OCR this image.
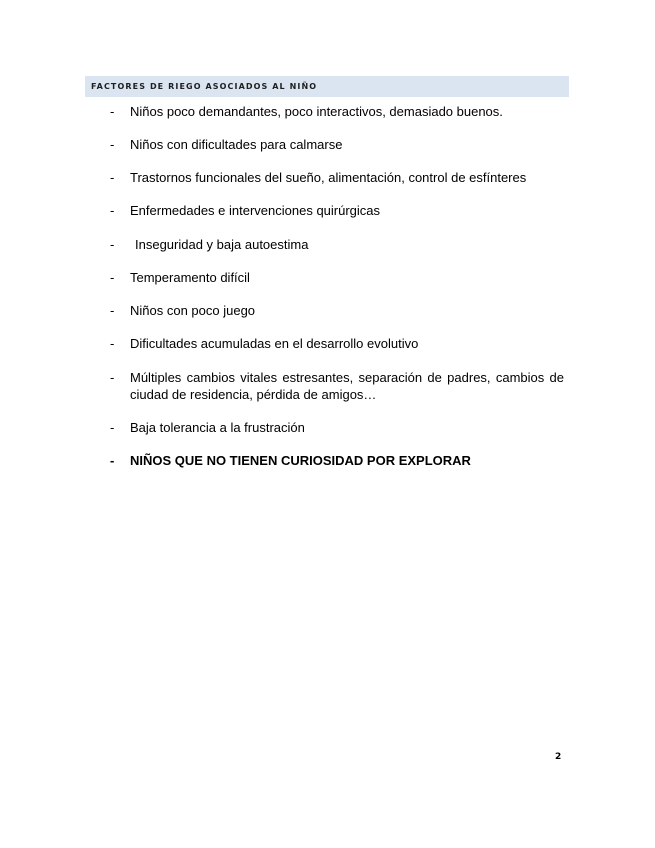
FACTORES DE RIEGO ASOCIADOS AL NIÑO
- Niños poco demandantes, poco interactivos, demasiado buenos.
- Niños con dificultades para calmarse
- Trastornos funcionales del sueño, alimentación, control de esfínteres
- Enfermedades e intervenciones quirúrgicas
-	Inseguridad y baja autoestima
- Temperamento difícil
- Niños con poco juego
- Dificultades acumuladas en el desarrollo evolutivo
- Múltiples cambios vitales estresantes, separación de padres, cambios de ciudad de residencia, pérdida de amigos…
- Baja tolerancia a la frustración
- NIÑOS QUE NO TIENEN CURIOSIDAD POR EXPLORAR
2
